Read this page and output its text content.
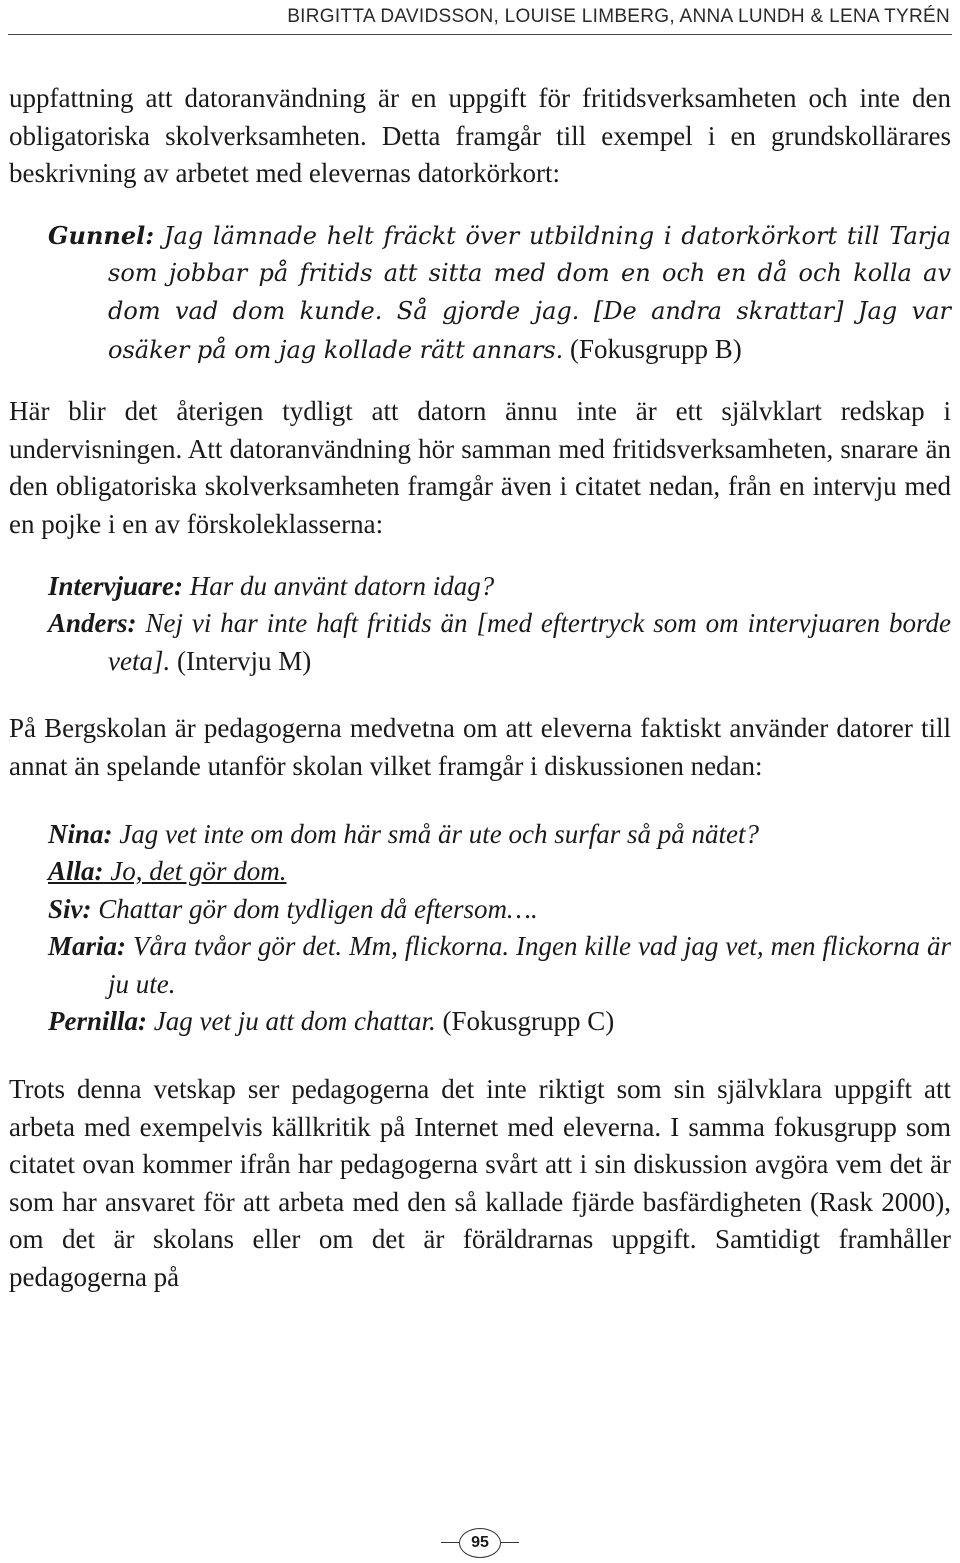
BIRGITTA DAVIDSSON, LOUISE LIMBERG, ANNA LUNDH & LENA TYRÉN

uppfattning att datoranvändning är en uppgift för fritidsverksamheten och inte den obligatoriska skolverksamheten. Detta framgår till exempel i en grundskollärares beskrivning av arbetet med elevernas datorkörkort:

Gunnel: Jag lämnade helt fräckt över utbildning i datorkörkort till Tarja som jobbar på fritids att sitta med dom en och en då och kolla av dom vad dom kunde. Så gjorde jag. [De andra skrattar] Jag var osäker på om jag kollade rätt annars. (Fokusgrupp B)

Här blir det återigen tydligt att datorn ännu inte är ett självklart redskap i undervisningen. Att datoranvändning hör samman med fritidsverksamheten, snarare än den obligatoriska skolverksamheten framgår även i citatet nedan, från en intervju med en pojke i en av förskoleklasserna:

Intervjuare: Har du använt datorn idag?

Anders: Nej vi har inte haft fritids än [med eftertryck som om intervjuaren borde veta]. (Intervju M)

På Bergskolan är pedagogerna medvetna om att eleverna faktiskt använder datorer till annat än spelande utanför skolan vilket framgår i diskussionen nedan:

Nina: Jag vet inte om dom här små är ute och surfar så på nätet?

Alla: Jo, det gör dom.

Siv: Chattar gör dom tydligen då eftersom….

Maria: Våra tvåor gör det. Mm, flickorna. Ingen kille vad jag vet, men flickorna är ju ute.

Pernilla: Jag vet ju att dom chattar. (Fokusgrupp C)

Trots denna vetskap ser pedagogerna det inte riktigt som sin självklara uppgift att arbeta med exempelvis källkritik på Internet med eleverna. I samma fokusgrupp som citatet ovan kommer ifrån har pedagogerna svårt att i sin diskussion avgöra vem det är som har ansvaret för att arbeta med den så kallade fjärde basfärdigheten (Rask 2000), om det är skolans eller om det är föräldrarnas uppgift. Samtidigt framhåller pedagogerna på

95
